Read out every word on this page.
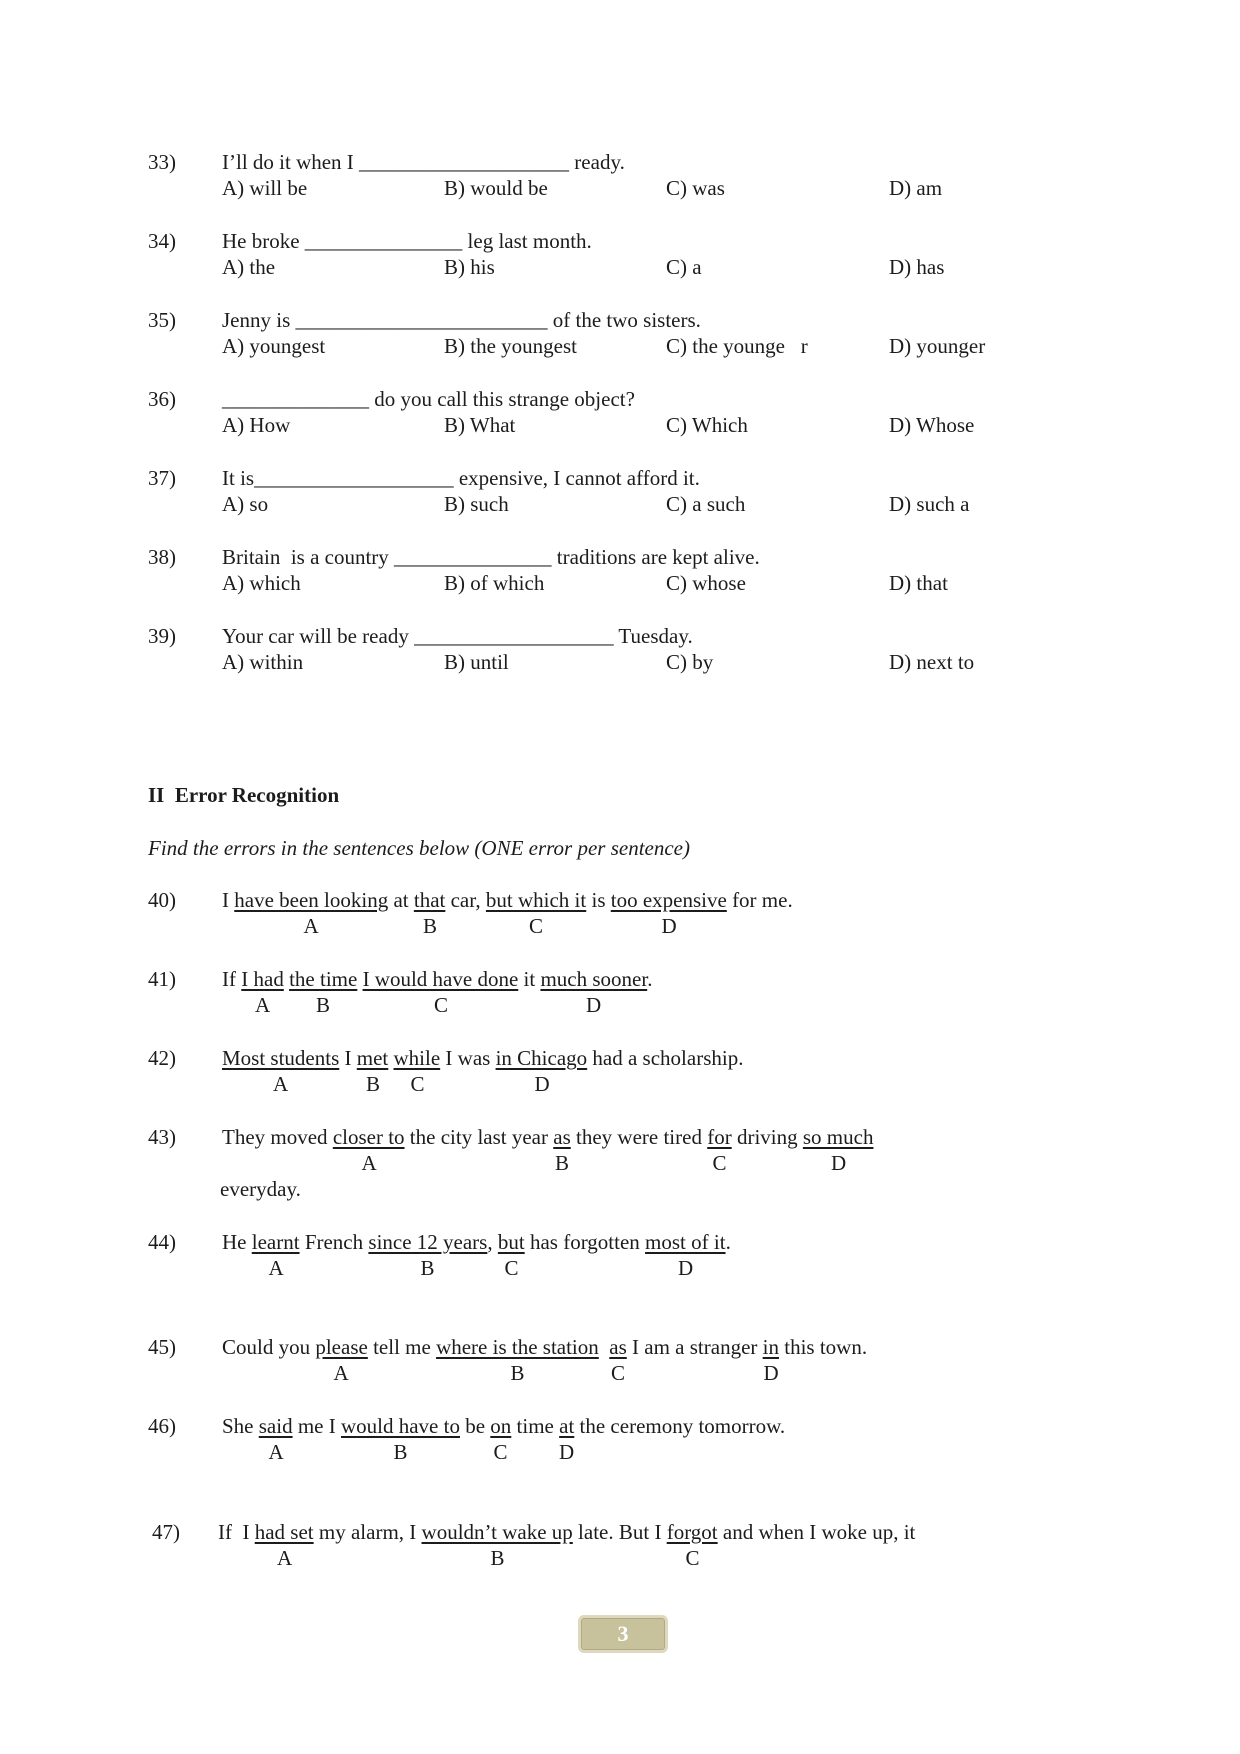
33) I’ll do it when I ____________________ ready.
A) will be	B) would be	C) was	D) am
34) He broke _______________ leg last month.
A) the	B) his	C) a	D) has
35) Jenny is ________________________ of the two sisters.
A) youngest	B) the youngest	C) the younge   r	D) younger
36) ______________ do you call this strange object?
A) How	B) What	C) Which	D) Whose
37) It is___________________ expensive, I cannot afford it.
A) so	B) such	C) a such	D) such a
38) Britain  is a country _______________ traditions are kept alive.
A) which	B) of which	C) whose	D) that
39) Your car will be ready ___________________ Tuesday.
A) within	B) until	C) by	D) next to
II  Error Recognition
Find the errors in the sentences below (ONE error per sentence)
40) I have been looking at that car, but which it is too expensive for me.
A	B	C	D
41) If I had the time I would have done it much sooner.
A B	C	D
42) Most students I met while I was in Chicago had a scholarship.
A	B C	D
43) They moved closer to the city last year as they were tired for driving so much
A	B	C	D
everyday.
44) He learnt French since 12 years, but has forgotten most of it.
A	B	C	D
45) Could you please tell me where is the station as I am a stranger in this town.
A	B	C	D
46) She said me I would have to be on time at the ceremony tomorrow.
A	B	C D
47) If  I had set my alarm, I wouldn’t wake up late. But I forgot and when I woke up, it
A	B	C
3
